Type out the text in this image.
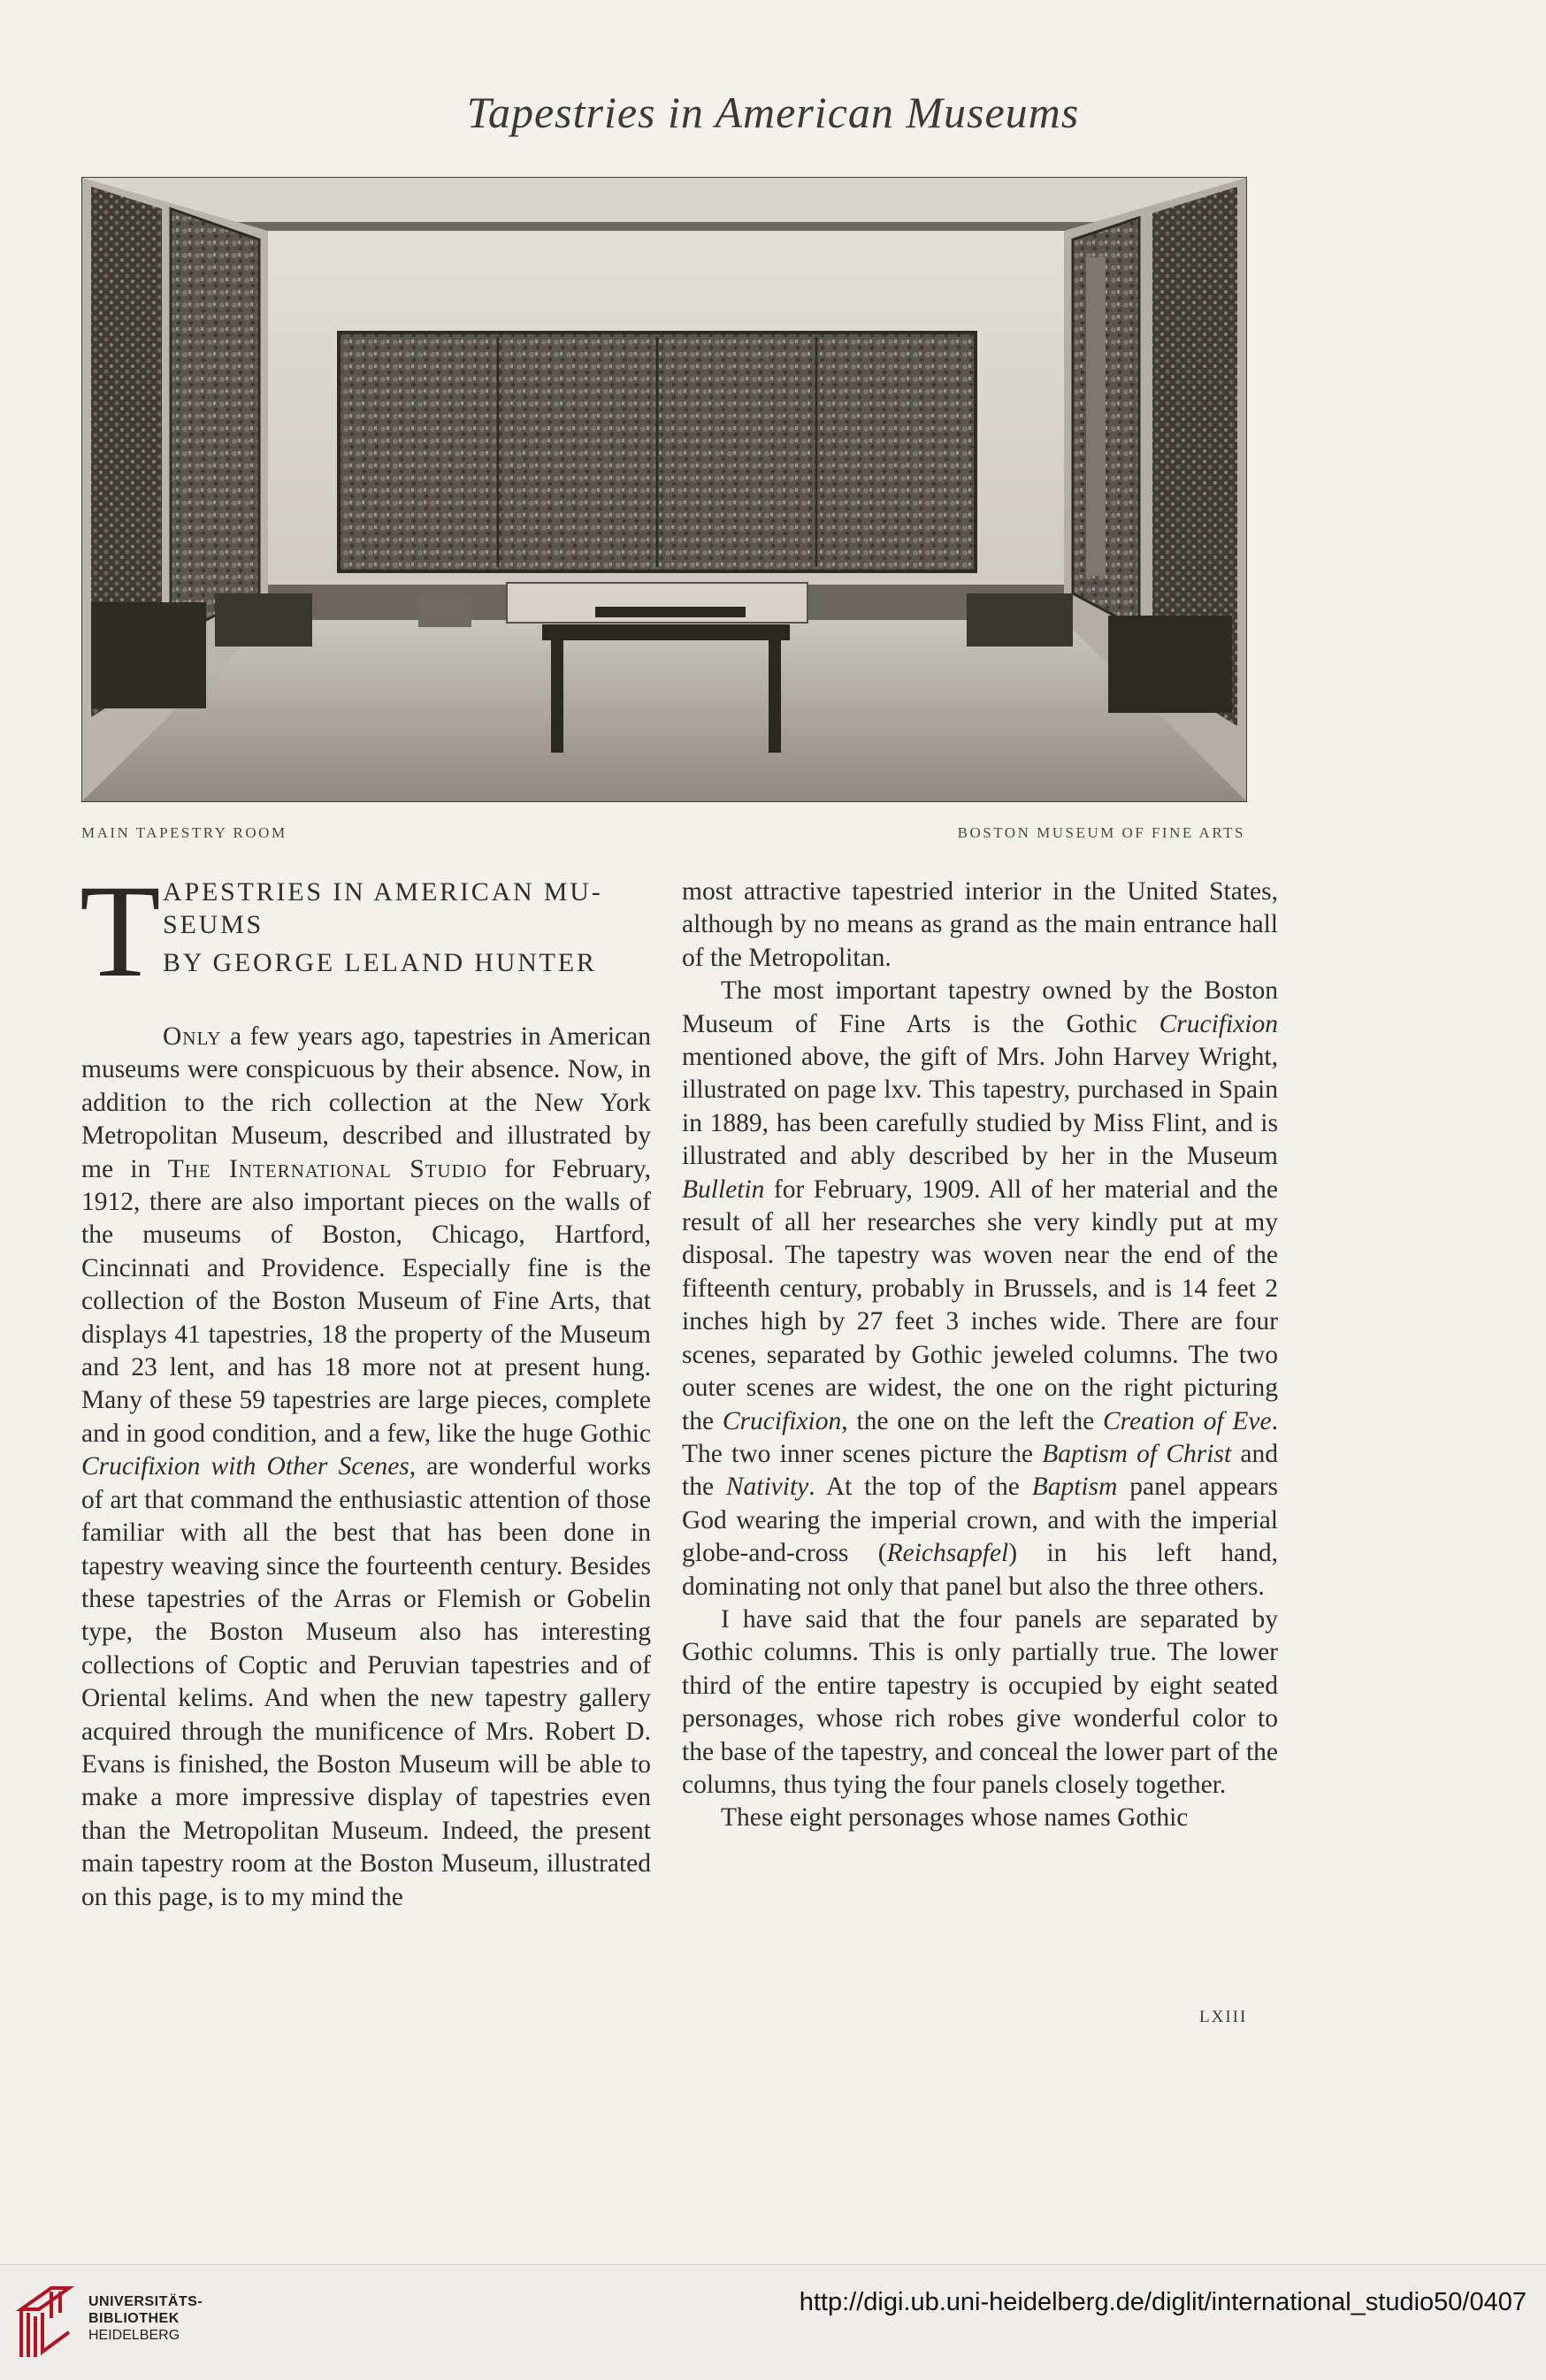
Tapestries in American Museums
MAIN TAPESTRY ROOM	BOSTON MUSEUM OF FINE ARTS
T APESTRIES IN AMERICAN MU-
SEUMS
BY GEORGE LELAND HUNTER

Only a few years ago, tapestries in American museums were conspicuous by their absence. Now, in addition to the rich collection at the New York Metropolitan Museum, described and illustrated by me in The International Studio for February, 1912, there are also important pieces on the walls of the museums of Boston, Chicago, Hartford, Cincinnati and Providence. Especially fine is the collection of the Boston Museum of Fine Arts, that displays 41 tapestries, 18 the property of the Museum and 23 lent, and has 18 more not at present hung. Many of these 59 tapestries are large pieces, complete and in good condition, and a few, like the huge Gothic Crucifixion with Other Scenes, are wonderful works of art that command the enthusiastic attention of those familiar with all the best that has been done in tapestry weaving since the fourteenth century. Besides these tapestries of the Arras or Flemish or Gobelin type, the Boston Museum also has interesting collections of Coptic and Peruvian tapestries and of Oriental kelims. And when the new tapestry gallery acquired through the munificence of Mrs. Robert D. Evans is finished, the Boston Museum will be able to make a more impressive display of tapestries even than the Metropolitan Museum. Indeed, the present main tapestry room at the Boston Museum, illustrated on this page, is to my mind the

most attractive tapestried interior in the United States, although by no means as grand as the main entrance hall of the Metropolitan.

The most important tapestry owned by the Boston Museum of Fine Arts is the Gothic Crucifixion mentioned above, the gift of Mrs. John Harvey Wright, illustrated on page lxv. This tapestry, purchased in Spain in 1889, has been carefully studied by Miss Flint, and is illustrated and ably described by her in the Museum Bulletin for February, 1909. All of her material and the result of all her researches she very kindly put at my disposal. The tapestry was woven near the end of the fifteenth century, probably in Brussels, and is 14 feet 2 inches high by 27 feet 3 inches wide. There are four scenes, separated by Gothic jeweled columns. The two outer scenes are widest, the one on the right picturing the Crucifixion, the one on the left the Creation of Eve. The two inner scenes picture the Baptism of Christ and the Nativity. At the top of the Baptism panel appears God wearing the imperial crown, and with the imperial globe-and-cross (Reichsapfel) in his left hand, dominating not only that panel but also the three others.

I have said that the four panels are separated by Gothic columns. This is only partially true. The lower third of the entire tapestry is occupied by eight seated personages, whose rich robes give wonderful color to the base of the tapestry, and conceal the lower part of the columns, thus tying the four panels closely together.

These eight personages whose names Gothic

LXIII
UNIVERSITÄTS-
BIBLIOTHEK
HEIDELBERG
http://digi.ub.uni-heidelberg.de/diglit/international_studio50/0407
